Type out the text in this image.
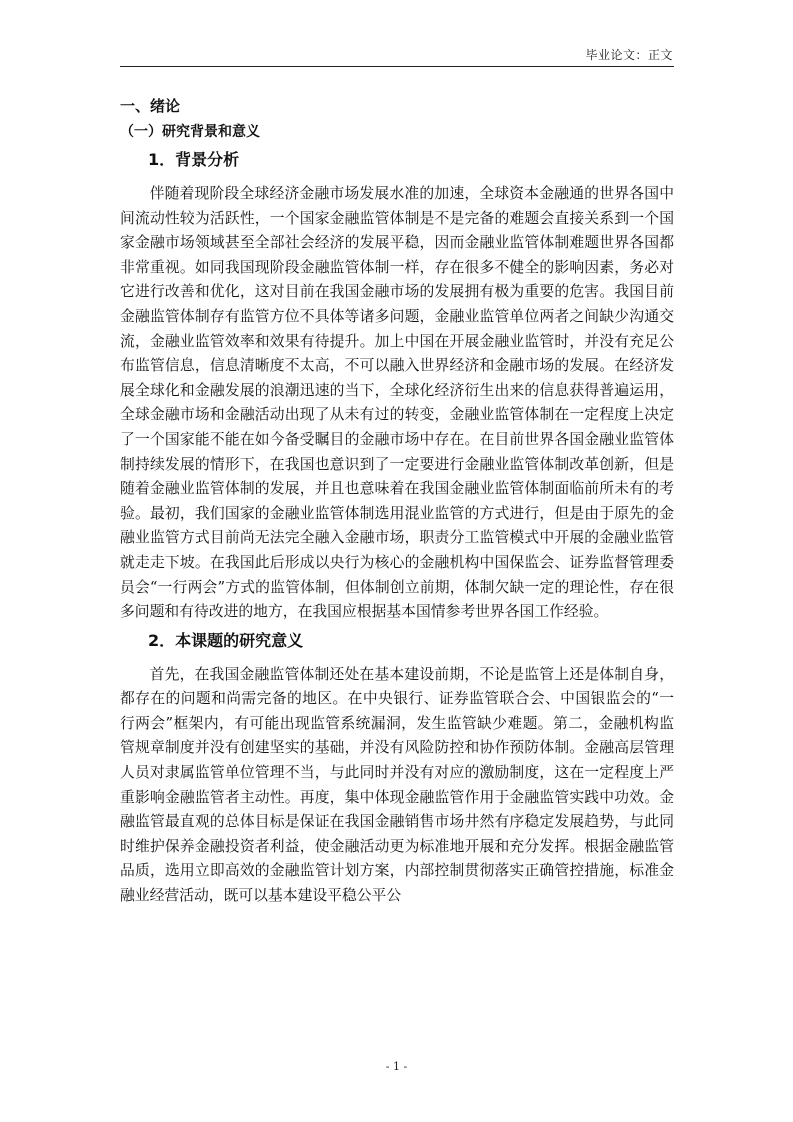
毕业论文：正文
一、绪论
（一）研究背景和意义
1．背景分析

伴随着现阶段全球经济金融市场发展水准的加速，全球资本金融通的世界各国中间流动性较为活跃性，一个国家金融监管体制是不是完备的难题会直接关系到一个国家金融市场领域甚至全部社会经济的发展平稳，因而金融业监管体制难题世界各国都非常重视。如同我国现阶段金融监管体制一样，存在很多不健全的影响因素，务必对它进行改善和优化，这对目前在我国金融市场的发展拥有极为重要的危害。我国目前金融监管体制存有监管方位不具体等诸多问题，金融业监管单位两者之间缺少沟通交流，金融业监管效率和效果有待提升。加上中国在开展金融业监管时，并没有充足公布监管信息，信息清晰度不太高，不可以融入世界经济和金融市场的发展。在经济发展全球化和金融发展的浪潮迅速的当下，全球化经济衍生出来的信息获得普遍运用，全球金融市场和金融活动出现了从未有过的转变，金融业监管体制在一定程度上决定了一个国家能不能在如今备受瞩目的金融市场中存在。在目前世界各国金融业监管体制持续发展的情形下，在我国也意识到了一定要进行金融业监管体制改革创新，但是随着金融业监管体制的发展，并且也意味着在我国金融业监管体制面临前所未有的考验。最初，我们国家的金融业监管体制选用混业监管的方式进行，但是由于原先的金融业监管方式目前尚无法完全融入金融市场，职责分工监管模式中开展的金融业监管就走走下坡。在我国此后形成以央行为核心的金融机构中国保监会、证券监督管理委员会“一行两会”方式的监管体制，但体制创立前期，体制欠缺一定的理论性，存在很多问题和有待改进的地方，在我国应根据基本国情参考世界各国工作经验。

2．本课题的研究意义

首先，在我国金融监管体制还处在基本建设前期，不论是监管上还是体制自身，都存在的问题和尚需完备的地区。在中央银行、证券监管联合会、中国银监会的“一行两会”框架内，有可能出现监管系统漏洞，发生监管缺少难题。第二，金融机构监管规章制度并没有创建坚实的基础，并没有风险防控和协作预防体制。金融高层管理人员对隶属监管单位管理不当，与此同时并没有对应的激励制度，这在一定程度上严重影响金融监管者主动性。再度，集中体现金融监管作用于金融监管实践中功效。金融监管最直观的总体目标是保证在我国金融销售市场井然有序稳定发展趋势，与此同时维护保养金融投资者利益，使金融活动更为标准地开展和充分发挥。根据金融监管品质，选用立即高效的金融监管计划方案，内部控制贯彻落实正确管控措施，标准金融业经营活动，既可以基本建设平稳公平公

- 1 -
